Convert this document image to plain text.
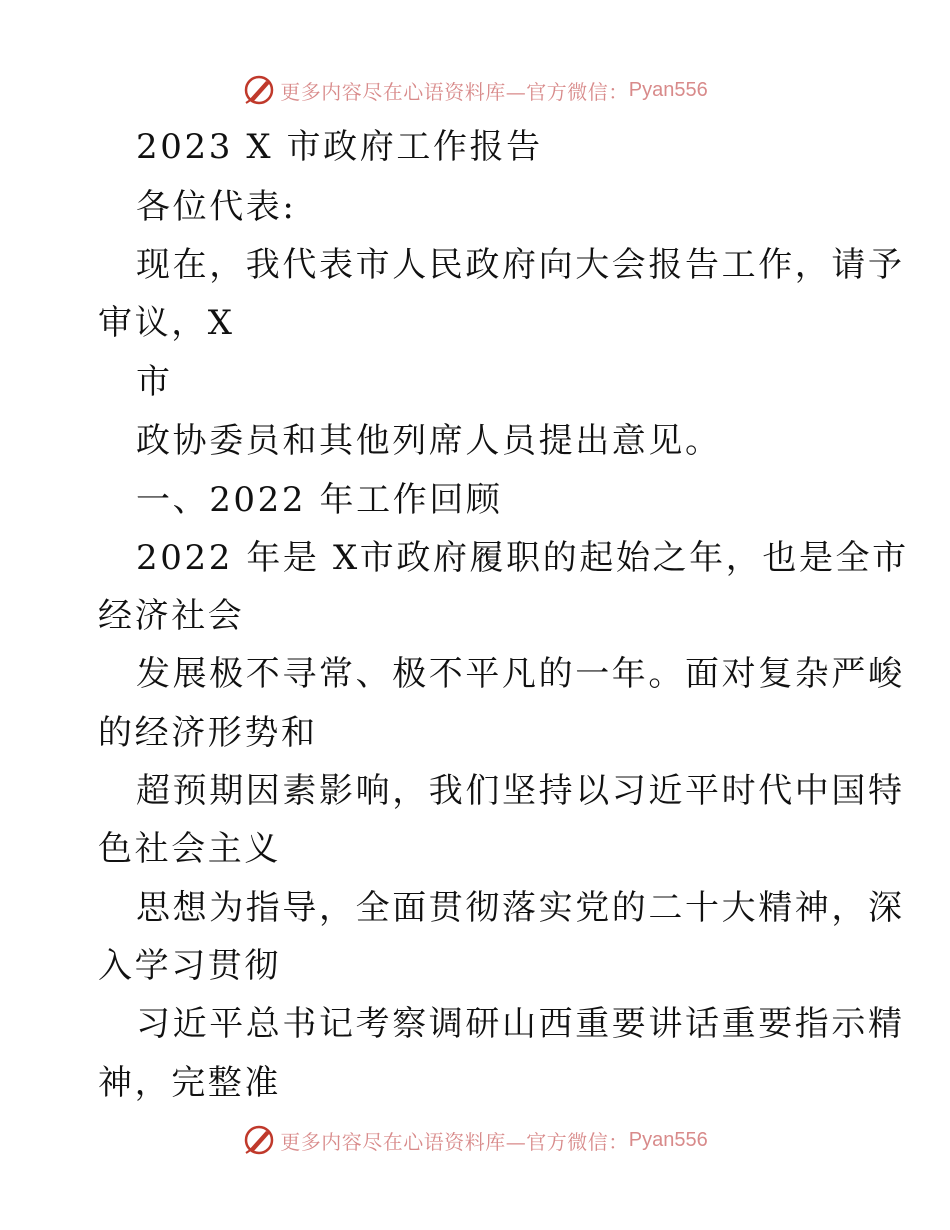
更多内容尽在心语资料库—官方微信： Pyan556
2023 X 市政府工作报告
各位代表:
现在，我代表市人民政府向大会报告工作，请予
审议，X
市
政协委员和其他列席人员提出意见。
一、2022 年工作回顾
2022 年是 X市政府履职的起始之年，也是全市
经济社会
发展极不寻常、极不平凡的一年。面对复杂严峻
的经济形势和
超预期因素影响，我们坚持以习近平时代中国特
色社会主义
思想为指导，全面贯彻落实党的二十大精神，深
入学习贯彻
习近平总书记考察调研山西重要讲话重要指示精
神，完整准
更多内容尽在心语资料库—官方微信： Pyan556
